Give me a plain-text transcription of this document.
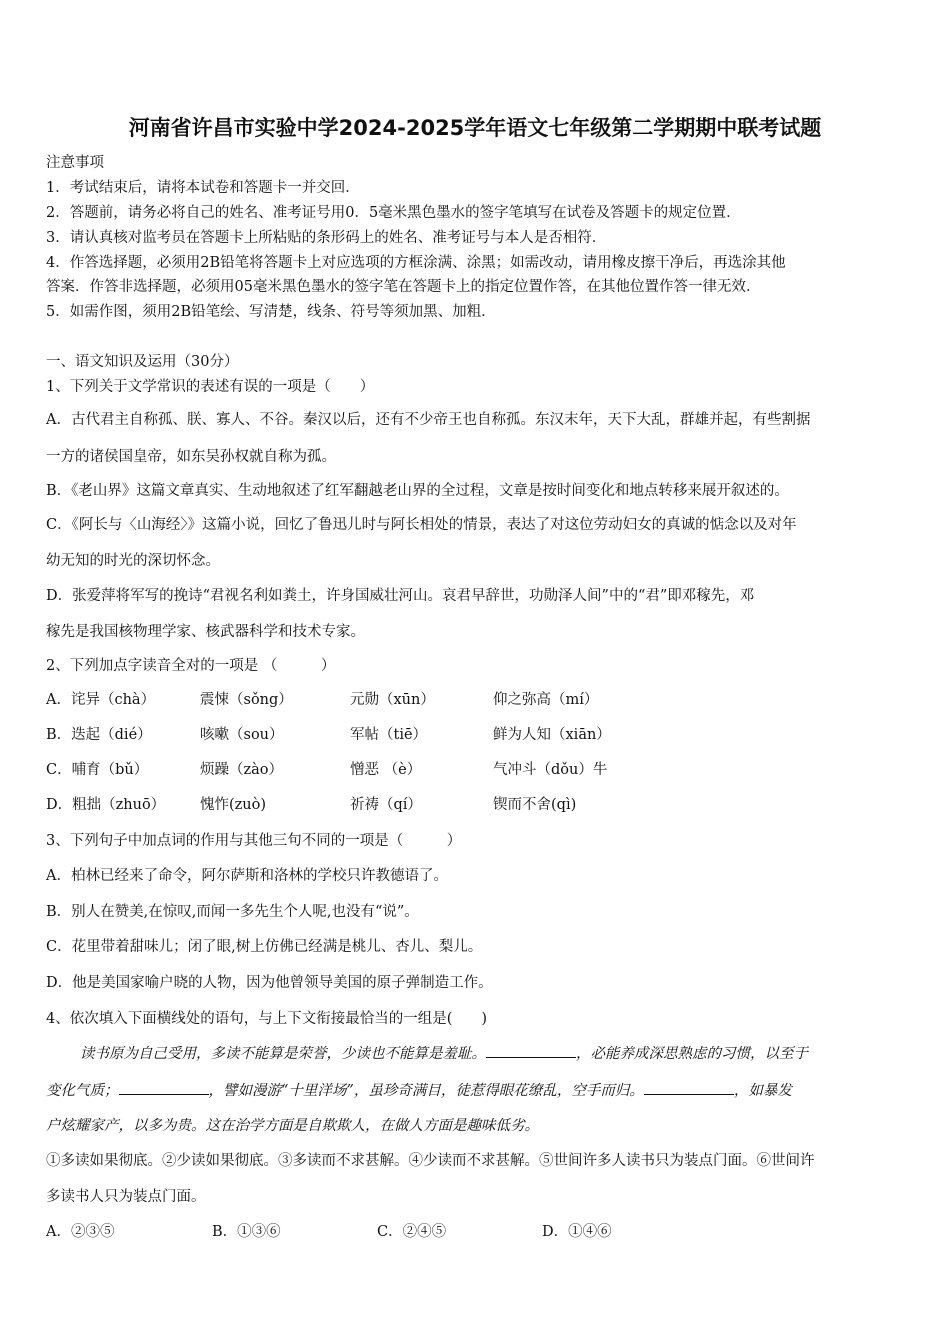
河南省许昌市实验中学2024-2025学年语文七年级第二学期期中联考试题
注意事项
1．考试结束后，请将本试卷和答题卡一并交回．
2．答题前，请务必将自己的姓名、准考证号用0．5毫米黑色墨水的签字笔填写在试卷及答题卡的规定位置．
3．请认真核对监考员在答题卡上所粘贴的条形码上的姓名、准考证号与本人是否相符．
4．作答选择题，必须用2B铅笔将答题卡上对应选项的方框涂满、涂黑；如需改动，请用橡皮擦干净后，再选涂其他
答案．作答非选择题，必须用05毫米黑色墨水的签字笔在答题卡上的指定位置作答，在其他位置作答一律无效．
5．如需作图，须用2B铅笔绘、写清楚，线条、符号等须加黑、加粗．
一、语文知识及运用（30分）
1、下列关于文学常识的表述有误的一项是（　　）
A．古代君主自称孤、朕、寡人、不谷。秦汉以后，还有不少帝王也自称孤。东汉末年，天下大乱，群雄并起，有些割据
一方的诸侯国皇帝，如东吴孙权就自称为孤。
B．《老山界》这篇文章真实、生动地叙述了红军翻越老山界的全过程，文章是按时间变化和地点转移来展开叙述的。
C．《阿长与〈山海经〉》这篇小说，回忆了鲁迅儿时与阿长相处的情景，表达了对这位劳动妇女的真诚的惦念以及对年
幼无知的时光的深切怀念。
D．张爱萍将军写的挽诗“君视名利如粪土，许身国威壮河山。哀君早辞世，功勋泽人间”中的“君”即邓稼先，邓
稼先是我国核物理学家、核武器科学和技术专家。
2、下列加点字读音全对的一项是 （　　　）
A．诧异（chà）	震悚（sǒng）	元勋（xūn）	仰之弥高（mí）
B．迭起（dié）	咳嗽（sou）	军帖（tiē）	鲜为人知（xiān）
C．哺育（bǔ）	烦躁（zào）	憎恶 （è）	气冲斗（dǒu）牛
D．粗拙（zhuō） 愧怍(zuò)	祈祷（qí）	锲而不舍(qì)
3、下列句子中加点词的作用与其他三句不同的一项是（　　　）
A．柏林已经来了命令，阿尔萨斯和洛林的学校只许教德语了。
B．别人在赞美,在惊叹,而闻一多先生个人呢,也没有“说”。
C．花里带着甜味儿；闭了眼,树上仿佛已经满是桃儿、杏儿、梨儿。
D．他是美国家喻户晓的人物，因为他曾领导美国的原子弹制造工作。
4、依次填入下面横线处的语句，与上下文衔接最恰当的一组是(　　)
读书原为自己受用，多读不能算是荣誉，少读也不能算是羞耻。	，必能养成深思熟虑的习惯，以至于
变化气质；	，譬如漫游“十里洋场”，虽珍奇满目，徒惹得眼花缭乱，空手而归。	，如暴发
户炫耀家产，以多为贵。这在治学方面是自欺欺人，在做人方面是趣味低劣。
①多读如果彻底。②少读如果彻底。③多读而不求甚解。④少读而不求甚解。⑤世间许多人读书只为装点门面。⑥世间许
多读书人只为装点门面。
A．②③⑤	B．①③⑥	C．②④⑤	D．①④⑥
